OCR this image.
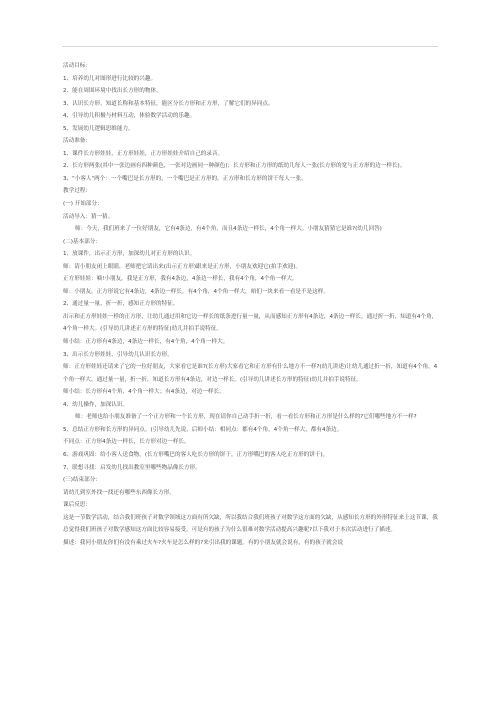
活动目标：

1、培养幼儿对图形进行比较的兴趣。

2、能在周围环境中找出长方形的物体。

3、认识长方形，知道长称和基本特征，能区分长方形和正方形，了解它们的异同点。

4、引导幼儿积极与材料互动，体验数学活动的乐趣。

5、发展幼儿逻辑思维能力。

活动准备：

1、课件长方形娃娃，正方形娃娃，正方形娃娃介绍自己的录音。

2、长方形两张(其中一张边画有四种颜色，一张对边画同一种颜色)；长方形和正方形的纸幼儿每人一张(长方形的宽与正方形的边一样长)。

3、"小客人"两个：一个嘴巴是长方形的，一个嘴巴是正方形的。正方形和长方形的饼干每人一张。

教学过程：

(一) 开始部分：

活动导入：猜一猜。

师：今天，我们班来了一位好朋友，它有4条边，有4个角，而且4条边一样长，4个角一样大。小朋友猜猜它是谁?(幼儿回答)

(二)基本部分：

1、放课件，出示正方形，加深幼儿对正方形的认识。

师：请小朋友闭上眼睛，老师把它请出来(出示正方形)跟来是正方形，小朋友欢迎它(拍手欢迎)。

正方形娃娃：嘀!小朋友，我是正方形，我有4条边，4条边一样长，我有4个角，4个角一样大。

师：小朋友，正方形说它有4条边，4条边一样长，有4个角，4个角一样大，咱们一块来看一看是不是这样。

2、通过量一量、折一折，感知正方形的特征。

出示和正方形娃娃一样的正方形，让幼儿通过用和它边一样长的纸条进行量一量，从而感知正方形有4条边，4条边一样长。通过折一折，知道有4个角，4个角一样大。(引导幼儿讲述正方形的特征)幼儿并拍手说特征。

师小结：正方形有4条边，4条边一样长，有4个角，4个角一样大。

3、出示长方形娃娃，引导幼儿认识长方形。

师：正方形娃娃还请来了它的一位好朋友，大家看它是谁?(长方形)大家看它和正方形有什么地方不一样?(幼儿讲述)让幼儿通过折一折，知道有4个角，4个角一样大。通过量一量，折一折，知道长方形有4条边，对边一样长。(引导幼儿讲述长方形的特征)幼儿并拍手说特征。

师小结：长方形有4个角，4个角一样大；有4条边，对边一样长。

4、幼儿操作，加深认识。

师：老师也给小朋友准备了一个正方形和一个长方形，现在请你自己动手折一折，看一看长方形和正方形是什么样的?它们哪些地方不一样?

5、总结正方形和长方形的异同点。(引导幼儿先说，后师小结：相同点：都有4个角，4个角一样大，都有4条边。

不同点：正方形4条边一样长，长方形对边一样长。

6、游戏巩固：给小客人送食物。(长方形嘴巴的客人吃长方形的饼干，正方形嘴巴的客人吃正方形的饼干)。

7、联想寻找：启发幼儿找出教室里哪些物品像长方形。

(三)结束部分：

请幼儿到室外找一找还有哪些东西像长方形。

课后反思：

这是一节数学活动，结合我们班孩子对数学领域这方面有所欠缺，所以我结合我们班孩子对数学这方面的欠缺，从感知长方形的外形特征来上这节课，我总觉得我们班孩子对数学感知这方面比较容易接受，可是有的孩子为什么很难对数学活动提高兴趣呢?以下我对于本次活动进行了描述。

描述：我问小朋友你们有没有乘过火车?火车是怎么样的?来引出我的课题。有的小朋友就会说有，有的孩子就会说
